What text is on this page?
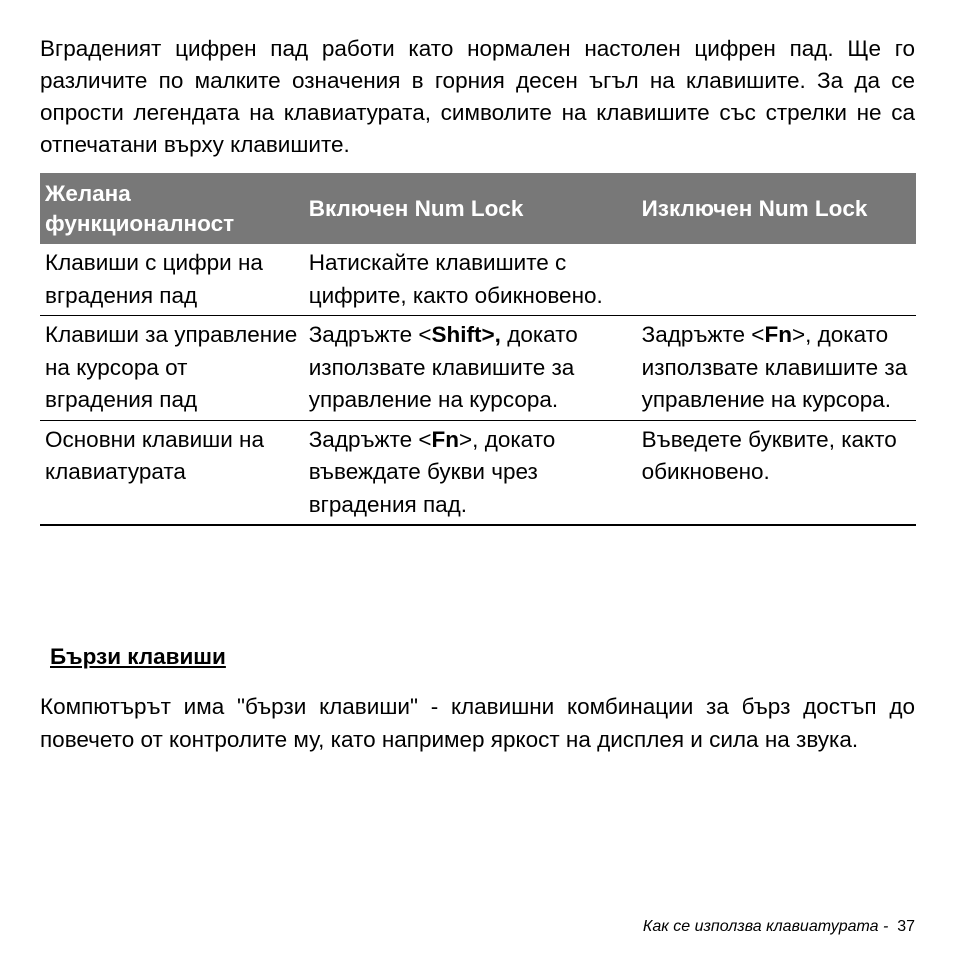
Вграденият цифрен пад работи като нормален настолен цифрен пад. Ще го различите по малките означения в горния десен ъгъл на клавишите. За да се опрости легендата на клавиатурата, символите на клавишите със стрелки не са отпечатани върху клавишите.

Желана функционалност	Включен Num Lock	Изключен Num Lock
Клавиши с цифри на вградения пад	Натискайте клавишите с цифрите, както обикновено.	
Клавиши за управление на курсора от вградения пад	Задръжте <Shift>, докато използвате клавишите за управление на курсора.	Задръжте <Fn>, докато използвате клавишите за управление на курсора.
Основни клавиши на клавиатурата	Задръжте <Fn>, докато въвеждате букви чрез вградения пад.	Въведете буквите, както обикновено.
Бързи клавиши

Компютърът има "бързи клавиши" - клавишни комбинации за бърз достъп до повечето от контролите му, като например яркост на дисплея и сила на звука.

Как се използва клавиатурата - 37
